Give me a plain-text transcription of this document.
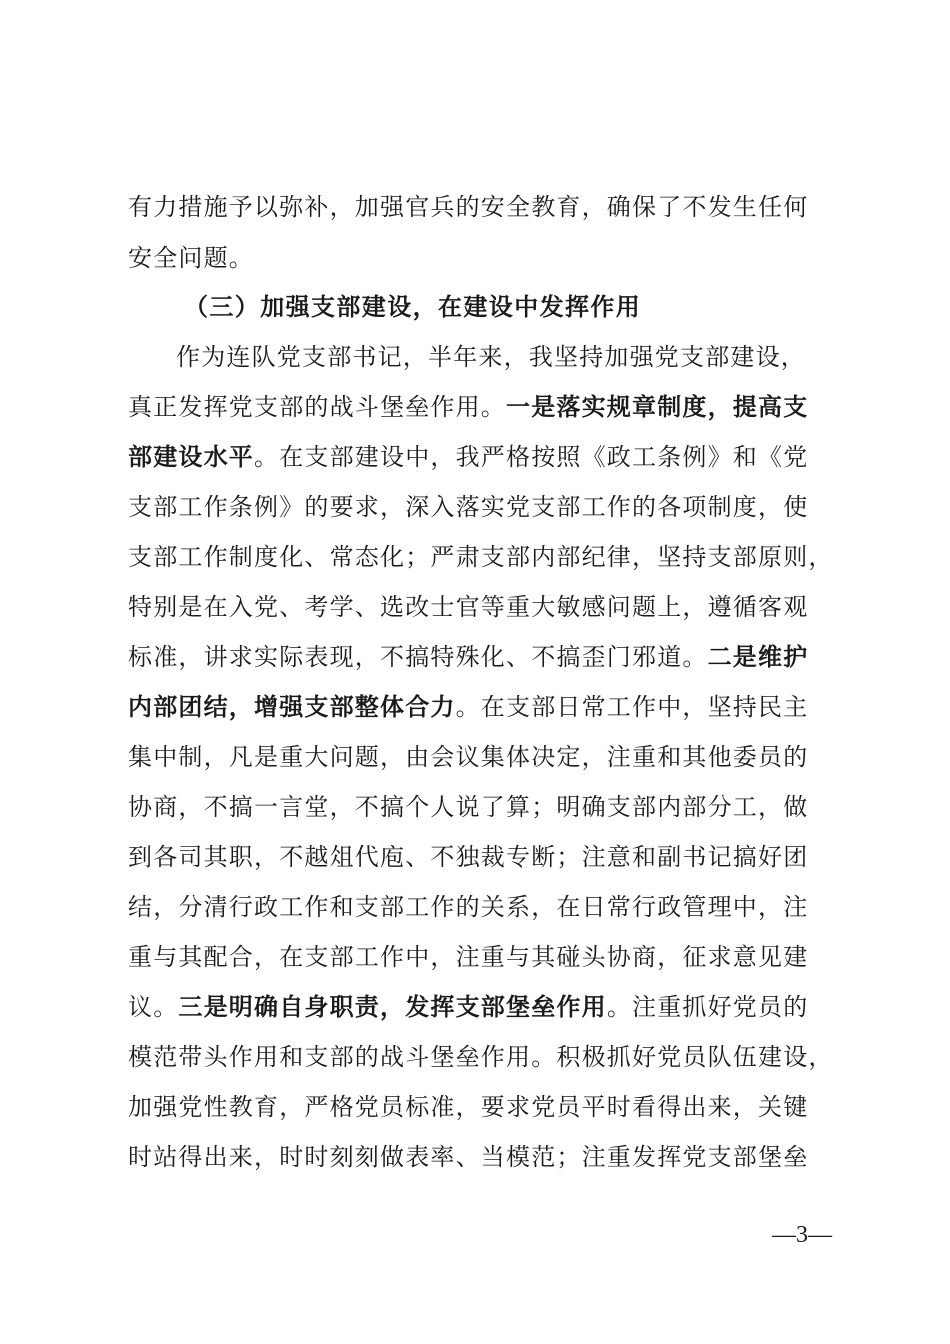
有力措施予以弥补，加强官兵的安全教育，确保了不发生任何
安全问题。
（三）加强支部建设，在建设中发挥作用
作为连队党支部书记，半年来，我坚持加强党支部建设，
真正发挥党支部的战斗堡垒作用。一是落实规章制度，提高支
部建设水平。在支部建设中，我严格按照《政工条例》和《党
支部工作条例》的要求，深入落实党支部工作的各项制度，使
支部工作制度化、常态化；严肃支部内部纪律，坚持支部原则，
特别是在入党、考学、选改士官等重大敏感问题上，遵循客观
标准，讲求实际表现，不搞特殊化、不搞歪门邪道。二是维护
内部团结，增强支部整体合力。在支部日常工作中，坚持民主
集中制，凡是重大问题，由会议集体决定，注重和其他委员的
协商，不搞一言堂，不搞个人说了算；明确支部内部分工，做
到各司其职，不越俎代庖、不独裁专断；注意和副书记搞好团
结，分清行政工作和支部工作的关系，在日常行政管理中，注
重与其配合，在支部工作中，注重与其碰头协商，征求意见建
议。三是明确自身职责，发挥支部堡垒作用。注重抓好党员的
模范带头作用和支部的战斗堡垒作用。积极抓好党员队伍建设，
加强党性教育，严格党员标准，要求党员平时看得出来，关键
时站得出来，时时刻刻做表率、当模范；注重发挥党支部堡垒
—3—
